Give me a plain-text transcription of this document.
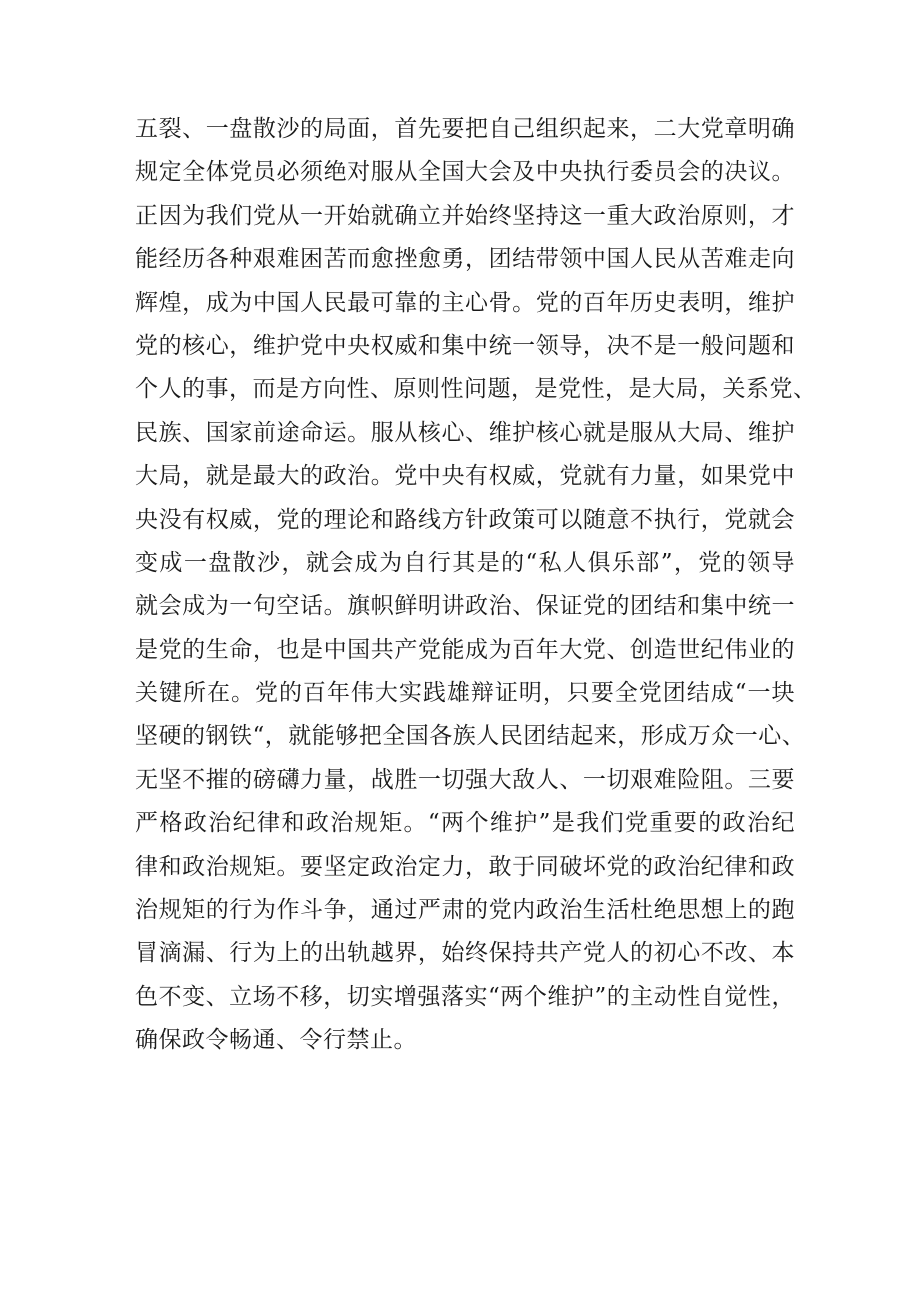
五裂、一盘散沙的局面，首先要把自己组织起来，二大党章明确
规定全体党员必须绝对服从全国大会及中央执行委员会的决议。
正因为我们党从一开始就确立并始终坚持这一重大政治原则，才
能经历各种艰难困苦而愈挫愈勇，团结带领中国人民从苦难走向
辉煌，成为中国人民最可靠的主心骨。党的百年历史表明，维护
党的核心，维护党中央权威和集中统一领导，决不是一般问题和
个人的事，而是方向性、原则性问题，是党性，是大局，关系党、
民族、国家前途命运。服从核心、维护核心就是服从大局、维护
大局，就是最大的政治。党中央有权威，党就有力量，如果党中
央没有权威，党的理论和路线方针政策可以随意不执行，党就会
变成一盘散沙，就会成为自行其是的“私人俱乐部”，党的领导
就会成为一句空话。旗帜鲜明讲政治、保证党的团结和集中统一
是党的生命，也是中国共产党能成为百年大党、创造世纪伟业的
关键所在。党的百年伟大实践雄辩证明，只要全党团结成“一块
坚硬的钢铁“，就能够把全国各族人民团结起来，形成万众一心、
无坚不摧的磅礴力量，战胜一切强大敌人、一切艰难险阻。三要
严格政治纪律和政治规矩。“两个维护”是我们党重要的政治纪
律和政治规矩。要坚定政治定力，敢于同破坏党的政治纪律和政
治规矩的行为作斗争，通过严肃的党内政治生活杜绝思想上的跑
冒滴漏、行为上的出轨越界，始终保持共产党人的初心不改、本
色不变、立场不移，切实增强落实“两个维护”的主动性自觉性，
确保政令畅通、令行禁止。
